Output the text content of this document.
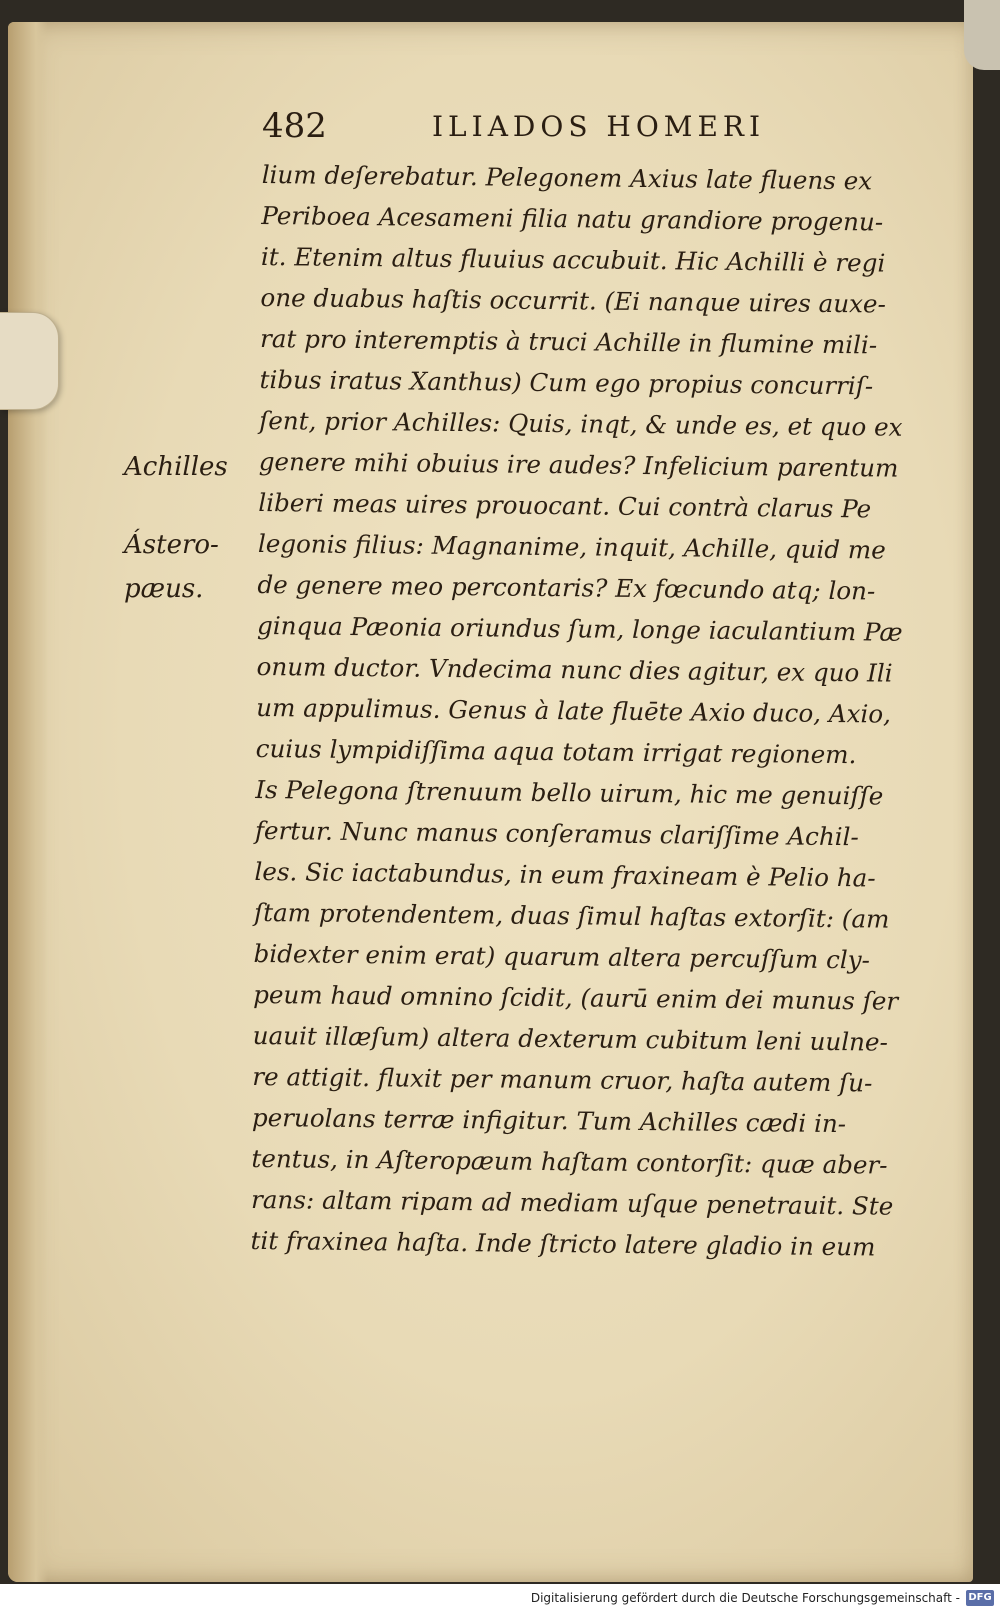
482	ILIADOS HOMERI
Achilles
Ástero-
pæus.
lium deſerebatur. Pelegonem Axius late fluens ex
Periboea Acesameni filia natu grandiore progenu-
it. Etenim altus fluuius accubuit. Hic Achilli è regi
one duabus haſtis occurrit. (Ei nanque uires auxe-
rat pro interemptis à truci Achille in flumine mili-
tibus iratus Xanthus) Cum ego propius concurriſ-
ſent, prior Achilles: Quis, inqt, & unde es, et quo ex
genere mihi obuius ire audes? Infelicium parentum
liberi meas uires prouocant. Cui contrà clarus Pe
legonis filius: Magnanime, inquit, Achille, quid me
de genere meo percontaris? Ex fœcundo atq; lon-
ginqua Pæonia oriundus ſum, longe iaculantium Pæ
onum ductor. Vndecima nunc dies agitur, ex quo Ili
um appulimus. Genus à late fluēte Axio duco, Axio,
cuius lympidiſſima aqua totam irrigat regionem.
Is Pelegona ſtrenuum bello uirum, hic me genuiſſe
fertur. Nunc manus conſeramus clariſſime Achil-
les. Sic iactabundus, in eum fraxineam è Pelio ha-
ſtam protendentem, duas ſimul haſtas extorſit: (am
bidexter enim erat) quarum altera percuſſum cly-
peum haud omnino ſcidit, (aurū enim dei munus ſer
uauit illæſum) altera dexterum cubitum leni uulne-
re attigit. fluxit per manum cruor, haſta autem ſu-
peruolans terræ infigitur. Tum Achilles cædi in-
tentus, in Aſteropæum haſtam contorſit: quæ aber-
rans: altam ripam ad mediam uſque penetrauit. Ste
tit fraxinea haſta. Inde ſtricto latere gladio in eum
Digitalisierung gefördert durch die Deutsche Forschungsgemeinschaft - DFG
